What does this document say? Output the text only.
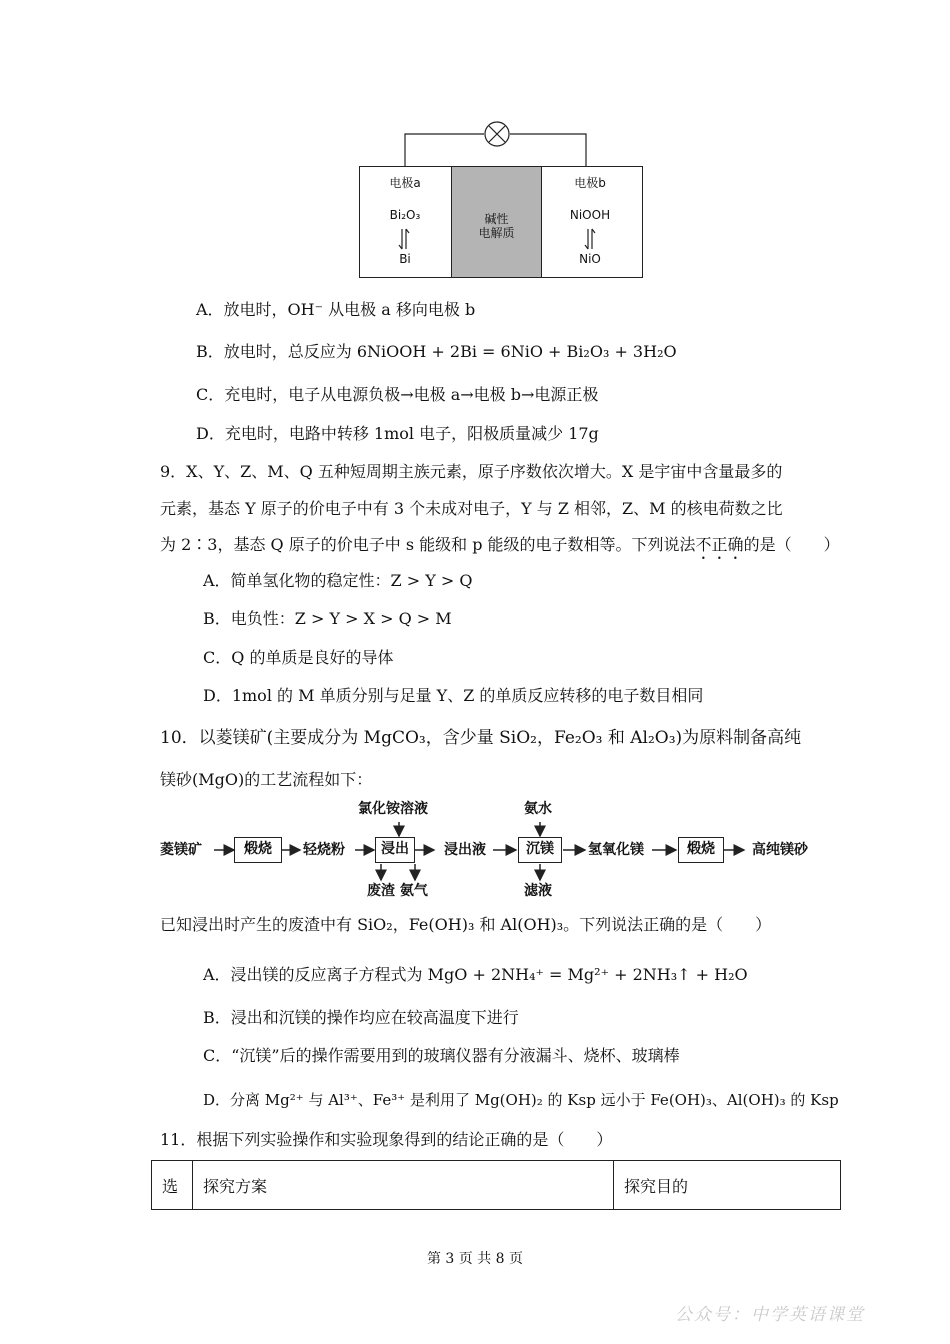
电极a
Bi₂O₃
Bi
碱性
电解质
电极b
NiOOH
NiO
A．放电时，OH⁻ 从电极 a 移向电极 b
B．放电时，总反应为 6NiOOH + 2Bi = 6NiO + Bi₂O₃ + 3H₂O
C．充电时，电子从电源负极→电极 a→电极 b→电源正极
D．充电时，电路中转移 1mol 电子，阳极质量减少 17g
9．X、Y、Z、M、Q 五种短周期主族元素，原子序数依次增大。X 是宇宙中含量最多的
元素，基态 Y 原子的价电子中有 3 个未成对电子，Y 与 Z 相邻，Z、M 的核电荷数之比
为 2∶3，基态 Q 原子的价电子中 s 能级和 p 能级的电子数相等。下列说法不正确的是（　　）
A．简单氢化物的稳定性：Z > Y > Q
B．电负性：Z > Y > X > Q > M
C．Q 的单质是良好的导体
D．1mol 的 M 单质分别与足量 Y、Z 的单质反应转移的电子数目相同
10．以菱镁矿(主要成分为 MgCO₃，含少量 SiO₂，Fe₂O₃ 和 Al₂O₃)为原料制备高纯
镁砂(MgO)的工艺流程如下：
菱镁矿	煅烧	轻烧粉	浸出
氯化铵溶液
废渣 氨气
浸出液	沉镁
氨水
滤液
氢氧化镁	煅烧	高纯镁砂
已知浸出时产生的废渣中有 SiO₂，Fe(OH)₃ 和 Al(OH)₃。下列说法正确的是（　　）
A．浸出镁的反应离子方程式为 MgO + 2NH₄⁺ = Mg²⁺ + 2NH₃↑ + H₂O
B．浸出和沉镁的操作均应在较高温度下进行
C．“沉镁”后的操作需要用到的玻璃仪器有分液漏斗、烧杯、玻璃棒
D．分离 Mg²⁺ 与 Al³⁺、Fe³⁺ 是利用了 Mg(OH)₂ 的 Ksp 远小于 Fe(OH)₃、Al(OH)₃ 的 Ksp
11．根据下列实验操作和实验现象得到的结论正确的是（　　）
选	探究方案	探究目的
第 3 页 共 8 页
公众号：中学英语课堂
